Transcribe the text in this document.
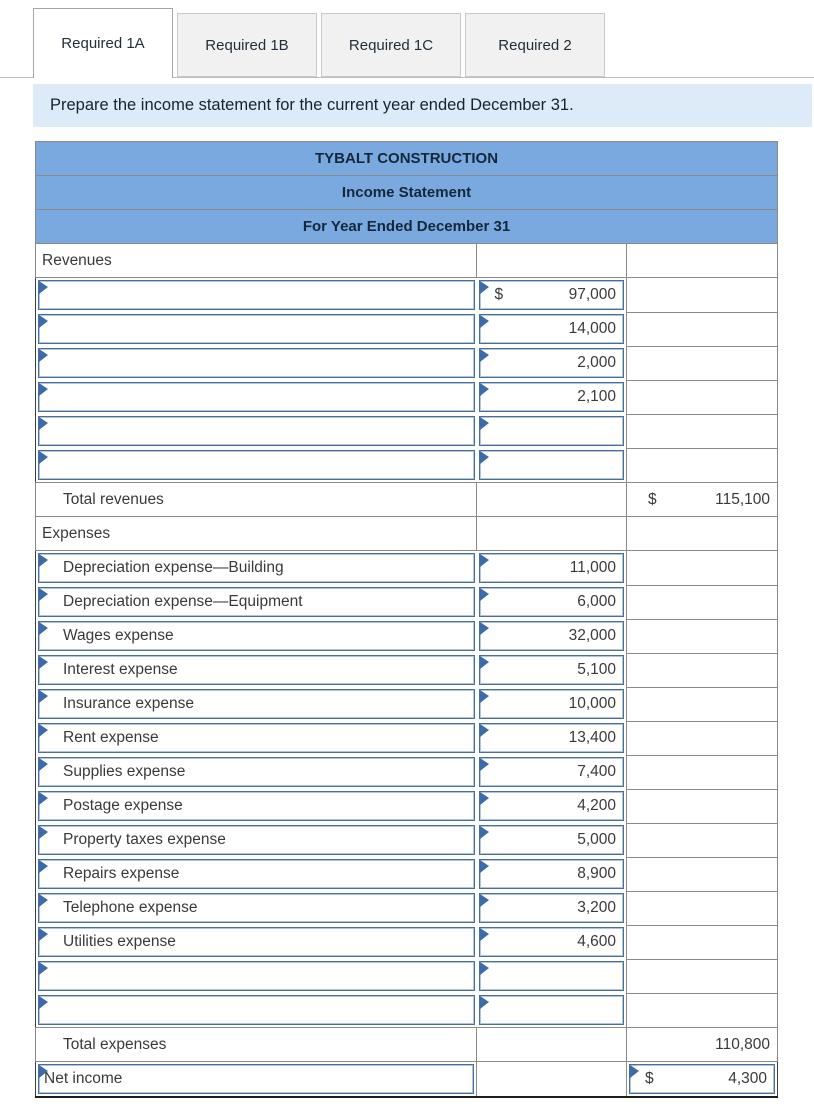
Required 1A	Required 1B	Required 1C	Required 2
Prepare the income statement for the current year ended December 31.
TYBALT CONSTRUCTION		
Income Statement		
For Year Ended December 31		
Revenues		

	$ 97,000	

	14,000	

	2,000	

	2,100	

Total revenues		$ 115,100

Expenses		

Depreciation expense—Building	11,000	

Depreciation expense—Equipment	6,000	

Wages expense	32,000	

Interest expense	5,100	

Insurance expense	10,000	

Rent expense	13,400	

Supplies expense	7,400	

Postage expense	4,200	

Property taxes expense	5,000	

Repairs expense	8,900	

Telephone expense	3,200	

Utilities expense	4,600	

Total expenses		110,800

Net income		$ 4,300
